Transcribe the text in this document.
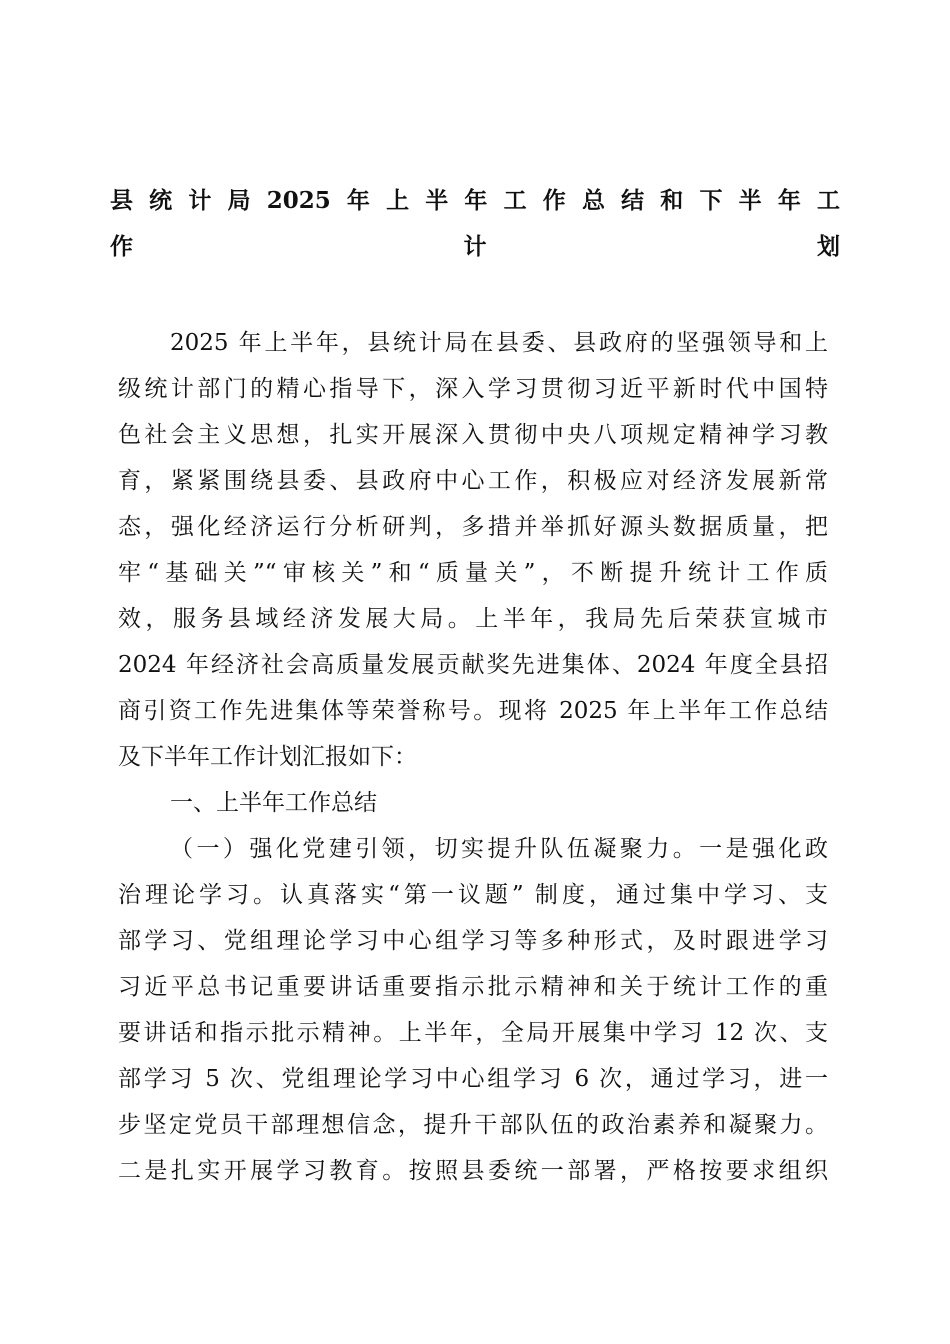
县统计局2025年上半年工作总结和下半年工
作计划
2025 年上半年，县统计局在县委、县政府的坚强领导和上
级统计部门的精心指导下，深入学习贯彻习近平新时代中国特
色社会主义思想，扎实开展深入贯彻中央八项规定精神学习教
育，紧紧围绕县委、县政府中心工作，积极应对经济发展新常
态，强化经济运行分析研判，多措并举抓好源头数据质量，把
牢“基础关”“审核关”和“质量关”，不断提升统计工作质
效，服务县域经济发展大局。上半年，我局先后荣获宣城市
2024 年经济社会高质量发展贡献奖先进集体、2024 年度全县招
商引资工作先进集体等荣誉称号。现将 2025 年上半年工作总结
及下半年工作计划汇报如下：
一、上半年工作总结
（一）强化党建引领，切实提升队伍凝聚力。一是强化政
治理论学习。认真落实“第一议题” 制度，通过集中学习、支
部学习、党组理论学习中心组学习等多种形式，及时跟进学习
习近平总书记重要讲话重要指示批示精神和关于统计工作的重
要讲话和指示批示精神。上半年，全局开展集中学习 12 次、支
部学习 5 次、党组理论学习中心组学习 6 次，通过学习，进一
步坚定党员干部理想信念，提升干部队伍的政治素养和凝聚力。
二是扎实开展学习教育。按照县委统一部署，严格按要求组织
